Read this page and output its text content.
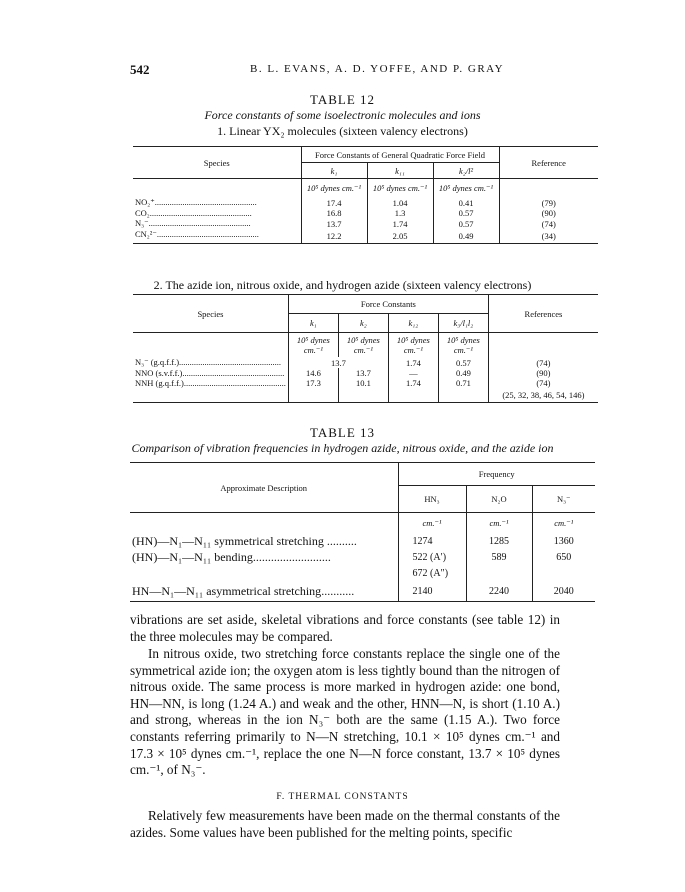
542	B. L. EVANS, A. D. YOFFE, AND P. GRAY
TABLE 12
Force constants of some isoelectronic molecules and ions
1. Linear YX₂ molecules (sixteen valency electrons)
Species	Force Constants of General Quadratic Force Field			Reference
	k₁	k₁₁	k₂/l²	
	10⁵ dynes cm.⁻¹	10⁵ dynes cm.⁻¹	10⁵ dynes cm.⁻¹	
NO₂⁺................................................	17.4	1.04	0.41	(79)
CO₂................................................	16.8	1.3	0.57	(90)
N₃⁻................................................	13.7	1.74	0.57	(74)
CN₂²⁻................................................	12.2	2.05	0.49	(34)
2. The azide ion, nitrous oxide, and hydrogen azide (sixteen valency electrons)
Species	Force Constants				References
	k₁	k₂	k₁₂	k₃/l₁l₂	
	10⁵ dynes cm.⁻¹	10⁵ dynes cm.⁻¹	10⁵ dynes cm.⁻¹	10⁵ dynes cm.⁻¹	
N₃⁻ (g.q.f.f.)................................................	13.7		1.74	0.57	(74)
NNO (s.v.f.f.)................................................	14.6	13.7	—	0.49	(90)
NNH (g.q.f.f.)................................................	17.3	10.1	1.74	0.71	(74)
					(25, 32, 38, 46, 54, 146)
TABLE 13
Comparison of vibration frequencies in hydrogen azide, nitrous oxide, and the azide ion
Approximate Description	Frequency		
	HN₃	N₂O	N₃⁻
	cm.⁻¹	cm.⁻¹	cm.⁻¹
(HN)—N₁—N₁₁ symmetrical stretching ..........	1274	1285	1360
(HN)—N₁—N₁₁ bending..........................	522 (A′)	589	650
	672 (A″)		
HN—N₁—N₁₁ asymmetrical stretching...........	2140	2240	2040
vibrations are set aside, skeletal vibrations and force constants (see table 12) in the three molecules may be compared.
In nitrous oxide, two stretching force constants replace the single one of the symmetrical azide ion; the oxygen atom is less tightly bound than the nitrogen of nitrous oxide. The same process is more marked in hydrogen azide: one bond, HN—NN, is long (1.24 A.) and weak and the other, HNN—N, is short (1.10 A.) and strong, whereas in the ion N₃⁻ both are the same (1.15 A.). Two force constants referring primarily to N—N stretching, 10.1 × 10⁵ dynes cm.⁻¹ and 17.3 × 10⁵ dynes cm.⁻¹, replace the one N—N force constant, 13.7 × 10⁵ dynes cm.⁻¹, of N₃⁻.
F. THERMAL CONSTANTS
Relatively few measurements have been made on the thermal constants of the azides. Some values have been published for the melting points, specific
